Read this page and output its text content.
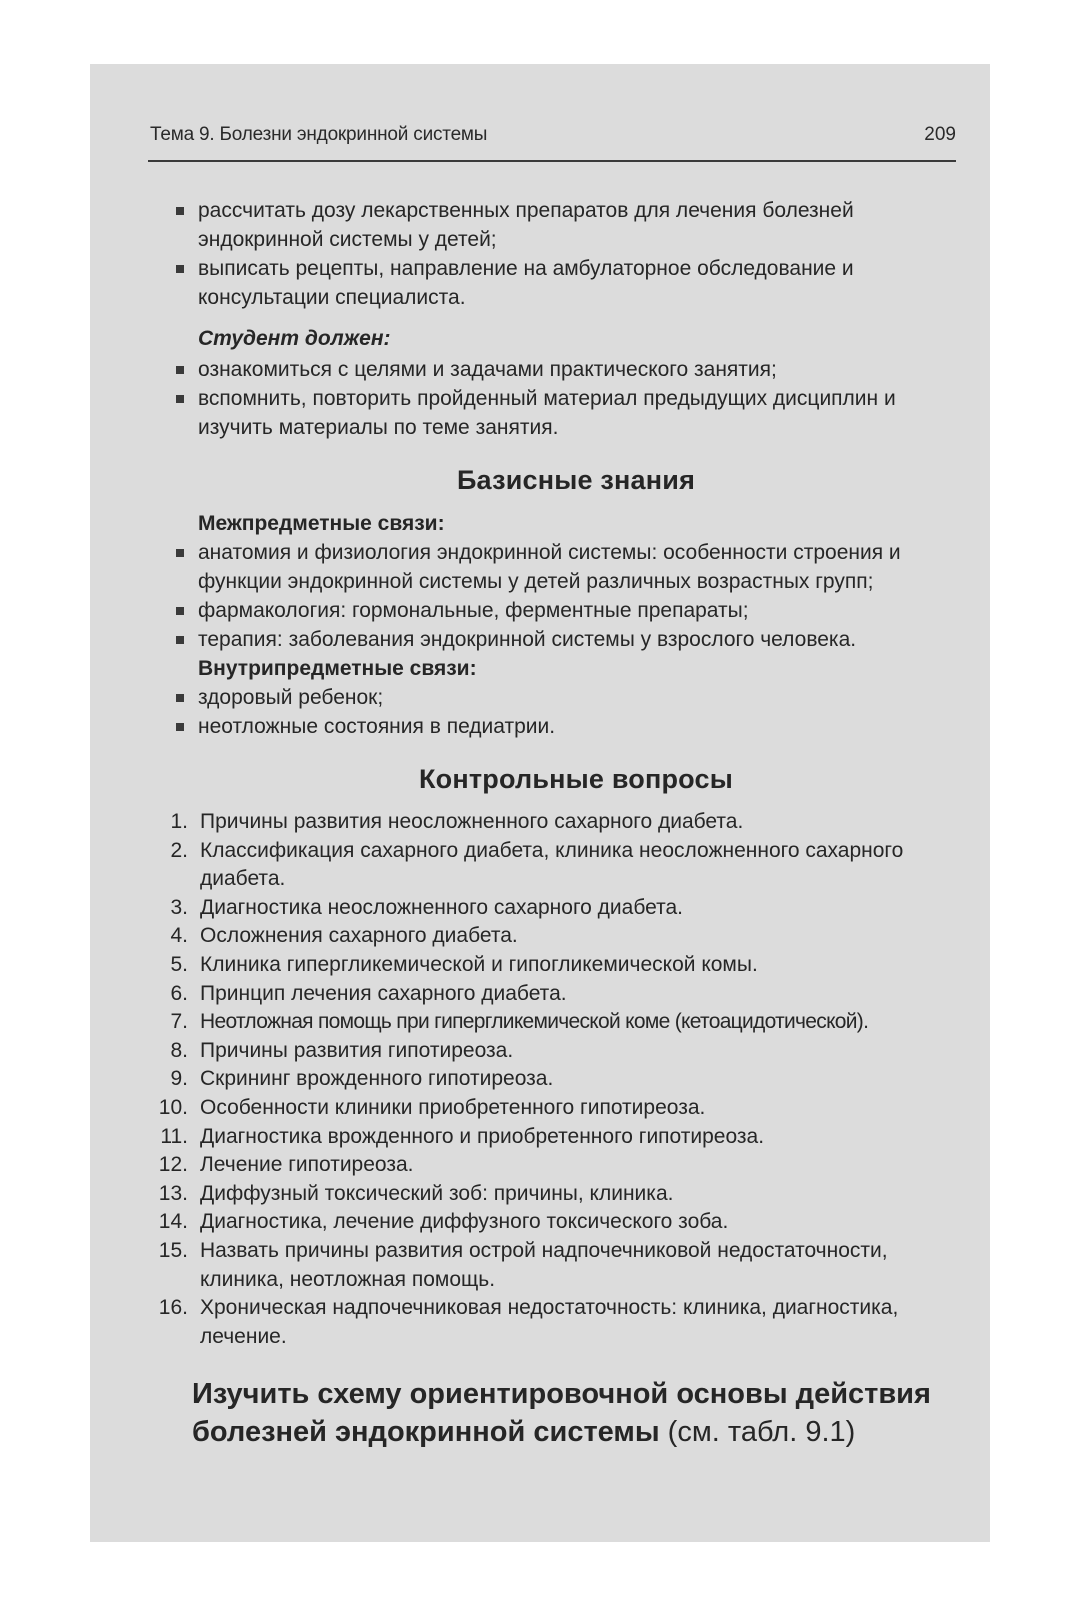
Тема 9. Болезни эндокринной системы	209
рассчитать дозу лекарственных препаратов для лечения болезней эндокринной системы у детей;
выписать рецепты, направление на амбулаторное обследование и консультации специалиста.
Студент должен:
ознакомиться с целями и задачами практического занятия;
вспомнить, повторить пройденный материал предыдущих дисциплин и изучить материалы по теме занятия.
Базисные знания
Межпредметные связи:
анатомия и физиология эндокринной системы: особенности строения и функции эндокринной системы у детей различных возрастных групп;
фармакология: гормональные, ферментные препараты;
терапия: заболевания эндокринной системы у взрослого человека.
Внутрипредметные связи:
здоровый ребенок;
неотложные состояния в педиатрии.
Контрольные вопросы
1. Причины развития неосложненного сахарного диабета.
2. Классификация сахарного диабета, клиника неосложненного сахарного диабета.
3. Диагностика неосложненного сахарного диабета.
4. Осложнения сахарного диабета.
5. Клиника гипергликемической и гипогликемической комы.
6. Принцип лечения сахарного диабета.
7. Неотложная помощь при гипергликемической коме (кетоацидотической).
8. Причины развития гипотиреоза.
9. Скрининг врожденного гипотиреоза.
10. Особенности клиники приобретенного гипотиреоза.
11. Диагностика врожденного и приобретенного гипотиреоза.
12. Лечение гипотиреоза.
13. Диффузный токсический зоб: причины, клиника.
14. Диагностика, лечение диффузного токсического зоба.
15. Назвать причины развития острой надпочечниковой недостаточности, клиника, неотложная помощь.
16. Хроническая надпочечниковая недостаточность: клиника, диагностика, лечение.
Изучить схему ориентировочной основы действия болезней эндокринной системы (см. табл. 9.1)
